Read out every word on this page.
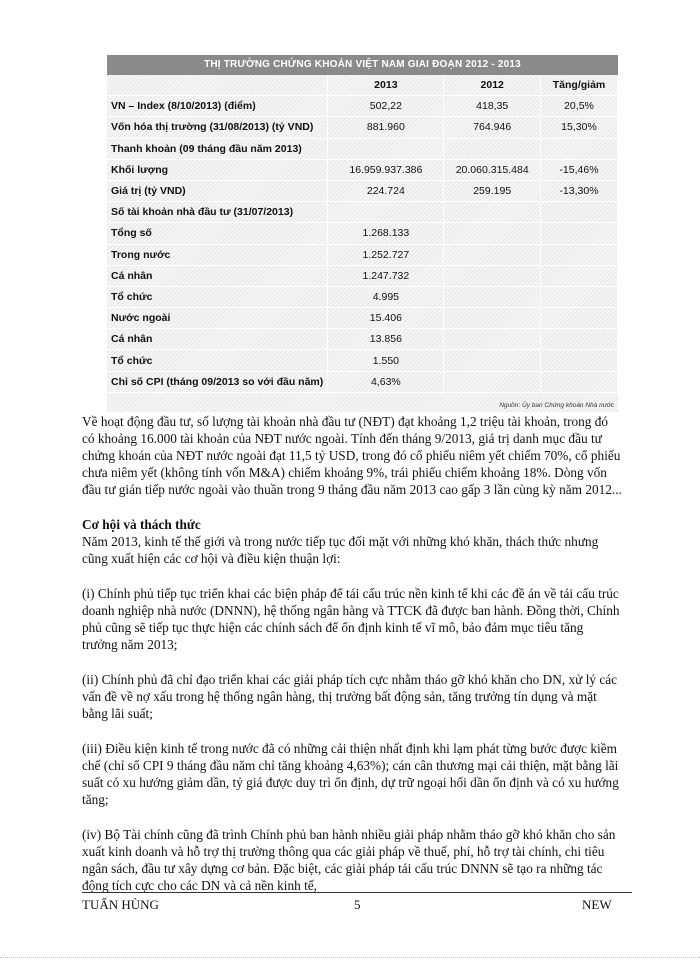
THỊ TRƯỜNG CHỨNG KHOÁN VIỆT NAM GIAI ĐOẠN 2012 - 2013
	2013	2012	Tăng/giảm
VN – Index (8/10/2013) (điểm)	502,22	418,35	20,5%
Vốn hóa thị trường (31/08/2013) (tỷ VND)	881.960	764.946	15,30%
Thanh khoản (09 tháng đầu năm 2013)			
Khối lượng	16.959.937.386	20.060.315.484	-15,46%
Giá trị (tỷ VND)	224.724	259.195	-13,30%
Số tài khoản nhà đầu tư (31/07/2013)			
Tổng số	1.268.133		
Trong nước	1.252.727		
Cá nhân	1.247.732		
Tổ chức	4.995		
Nước ngoài	15.406		
Cá nhân	13.856		
Tổ chức	1.550		
Chỉ số CPI (tháng 09/2013 so với đầu năm)	4,63%		
Nguồn: Ủy ban Chứng khoán Nhà nước

Về hoạt động đầu tư, số lượng tài khoản nhà đầu tư (NĐT) đạt khoảng 1,2 triệu tài khoản, trong đó có khoảng 16.000 tài khoản của NĐT nước ngoài. Tính đến tháng 9/2013, giá trị danh mục đầu tư chứng khoán của NĐT nước ngoài đạt 11,5 tỷ USD, trong đó cổ phiếu niêm yết chiếm 70%, cổ phiếu chưa niêm yết (không tính vốn M&A) chiếm khoảng 9%, trái phiếu chiếm khoảng 18%. Dòng vốn đầu tư gián tiếp nước ngoài vào thuần trong 9 tháng đầu năm 2013 cao gấp 3 lần cùng kỳ năm 2012...

Cơ hội và thách thức

Năm 2013, kinh tế thế giới và trong nước tiếp tục đối mặt với những khó khăn, thách thức nhưng cũng xuất hiện các cơ hội và điều kiện thuận lợi:

(i) Chính phủ tiếp tục triển khai các biện pháp để tái cấu trúc nền kinh tế khi các đề án về tái cấu trúc doanh nghiệp nhà nước (DNNN), hệ thống ngân hàng và TTCK đã được ban hành. Đồng thời, Chính phủ cũng sẽ tiếp tục thực hiện các chính sách để ổn định kinh tế vĩ mô, bảo đảm mục tiêu tăng trưởng năm 2013;

(ii) Chính phủ đã chỉ đạo triển khai các giải pháp tích cực nhằm tháo gỡ khó khăn cho DN, xử lý các vấn đề về nợ xấu trong hệ thống ngân hàng, thị trường bất động sản, tăng trưởng tín dụng và mặt bằng lãi suất;

(iii) Điều kiện kinh tế trong nước đã có những cải thiện nhất định khi lạm phát từng bước được kiềm chế (chỉ số CPI 9 tháng đầu năm chỉ tăng khoảng 4,63%); cán cân thương mại cải thiện, mặt bằng lãi suất có xu hướng giảm dần, tỷ giá được duy trì ổn định, dự trữ ngoại hối dần ổn định và có xu hướng tăng;

(iv) Bộ Tài chính cũng đã trình Chính phủ ban hành nhiều giải pháp nhằm tháo gỡ khó khăn cho sản xuất kinh doanh và hỗ trợ thị trường thông qua các giải pháp về thuế, phí, hỗ trợ tài chính, chi tiêu ngân sách, đầu tư xây dựng cơ bản. Đặc biệt, các giải pháp tái cấu trúc DNNN sẽ tạo ra những tác động tích cực cho các DN và cả nền kinh tế,

TUẤN HÙNG	5	NEW
